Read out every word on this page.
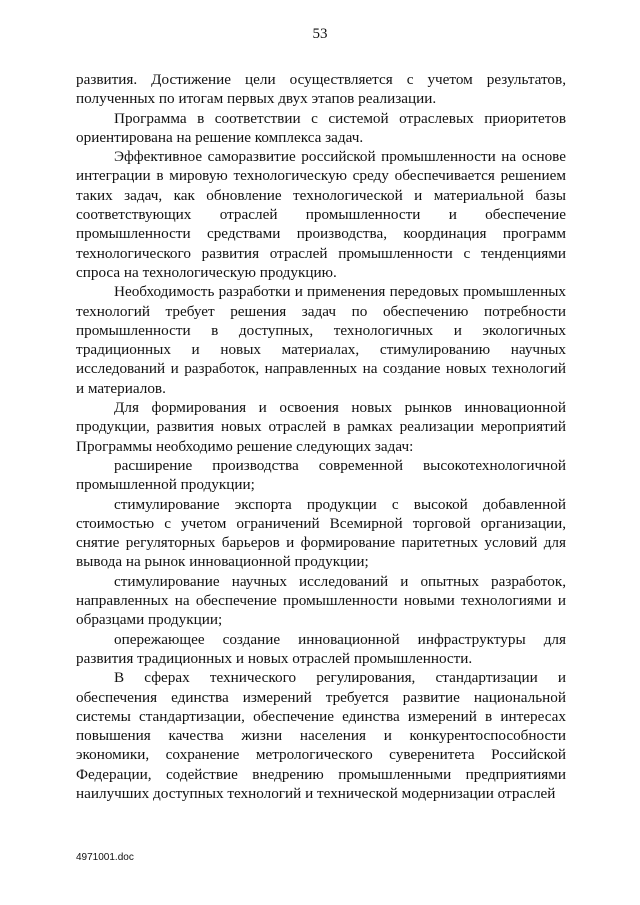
53

развития. Достижение цели осуществляется с учетом результатов, полученных по итогам первых двух этапов реализации.

Программа в соответствии с системой отраслевых приоритетов ориентирована на решение комплекса задач.

Эффективное саморазвитие российской промышленности на основе интеграции в мировую технологическую среду обеспечивается решением таких задач, как обновление технологической и материальной базы соответствующих отраслей промышленности и обеспечение промышленности средствами производства, координация программ технологического развития отраслей промышленности с тенденциями спроса на технологическую продукцию.

Необходимость разработки и применения передовых промышленных технологий требует решения задач по обеспечению потребности промышленности в доступных, технологичных и экологичных традиционных и новых материалах, стимулированию научных исследований и разработок, направленных на создание новых технологий и материалов.

Для формирования и освоения новых рынков инновационной продукции, развития новых отраслей в рамках реализации мероприятий Программы необходимо решение следующих задач:

расширение производства современной высокотехнологичной промышленной продукции;

стимулирование экспорта продукции с высокой добавленной стоимостью с учетом ограничений Всемирной торговой организации, снятие регуляторных барьеров и формирование паритетных условий для вывода на рынок инновационной продукции;

стимулирование научных исследований и опытных разработок, направленных на обеспечение промышленности новыми технологиями и образцами продукции;

опережающее создание инновационной инфраструктуры для развития традиционных и новых отраслей промышленности.

В сферах технического регулирования, стандартизации и обеспечения единства измерений требуется развитие национальной системы стандартизации, обеспечение единства измерений в интересах повышения качества жизни населения и конкурентоспособности экономики, сохранение метрологического суверенитета Российской Федерации, содействие внедрению промышленными предприятиями наилучших доступных технологий и технической модернизации отраслей

4971001.doc
